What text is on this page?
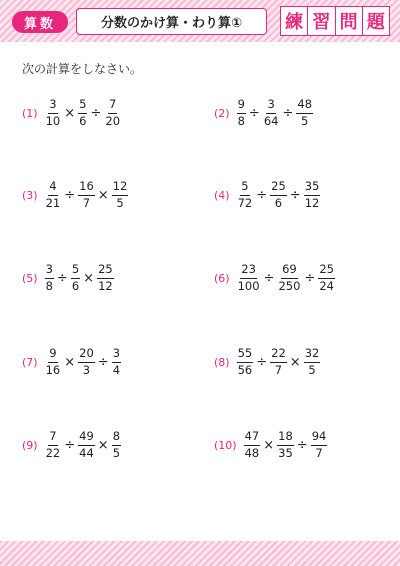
算数	分数のかけ算・わり算①	練 習 問 題
次の計算をしなさい。
$(1) \frac{3}{10} \times \frac{5}{6} \div \frac{7}{20}$	$(2) \frac{9}{8} \div \frac{3}{64} \div \frac{48}{5}$
$(3) \frac{4}{21} \div \frac{16}{7} \times \frac{12}{5}$	$(4) \frac{5}{72} \div \frac{25}{6} \div \frac{35}{12}$
$(5) \frac{3}{8} \div \frac{5}{6} \times \frac{25}{12}$	$(6) \frac{23}{100} \div \frac{69}{250} \div \frac{25}{24}$
$(7) \frac{9}{16} \times \frac{20}{3} \div \frac{3}{4}$	$(8) \frac{55}{56} \div \frac{22}{7} \times \frac{32}{5}$
$(9) \frac{7}{22} \div \frac{49}{44} \times \frac{8}{5}$	$(10) \frac{47}{48} \times \frac{18}{35} \div \frac{94}{7}$
